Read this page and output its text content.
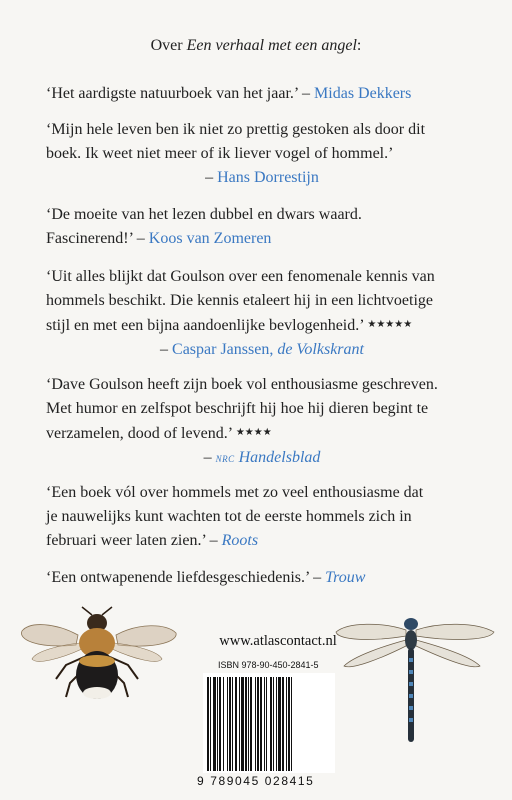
Over Een verhaal met een angel:
‘Het aardigste natuurboek van het jaar.’ – Midas Dekkers
‘Mijn hele leven ben ik niet zo prettig gestoken als door dit
boek. Ik weet niet meer of ik liever vogel of hommel.’
– Hans Dorrestijn
‘De moeite van het lezen dubbel en dwars waard.
Fascinerend!’ – Koos van Zomeren
‘Uit alles blijkt dat Goulson over een fenomenale kennis van
hommels beschikt. Die kennis etaleert hij in een lichtvoetige
stijl en met een bijna aandoenlijke bevlogenheid.’ ★★★★★
– Caspar Janssen, de Volkskrant
‘Dave Goulson heeft zijn boek vol enthousiasme geschreven.
Met humor en zelfspot beschrijft hij hoe hij dieren begint te
verzamelen, dood of levend.’ ★★★★
– nrc Handelsblad
‘Een boek vól over hommels met zo veel enthousiasme dat
je nauwelijks kunt wachten tot de eerste hommels zich in
februari weer laten zien.’ – Roots
‘Een ontwapenende liefdesgeschiedenis.’ – Trouw
www.atlascontact.nl
ISBN 978-90-450-2841-5
9 789045 028415
